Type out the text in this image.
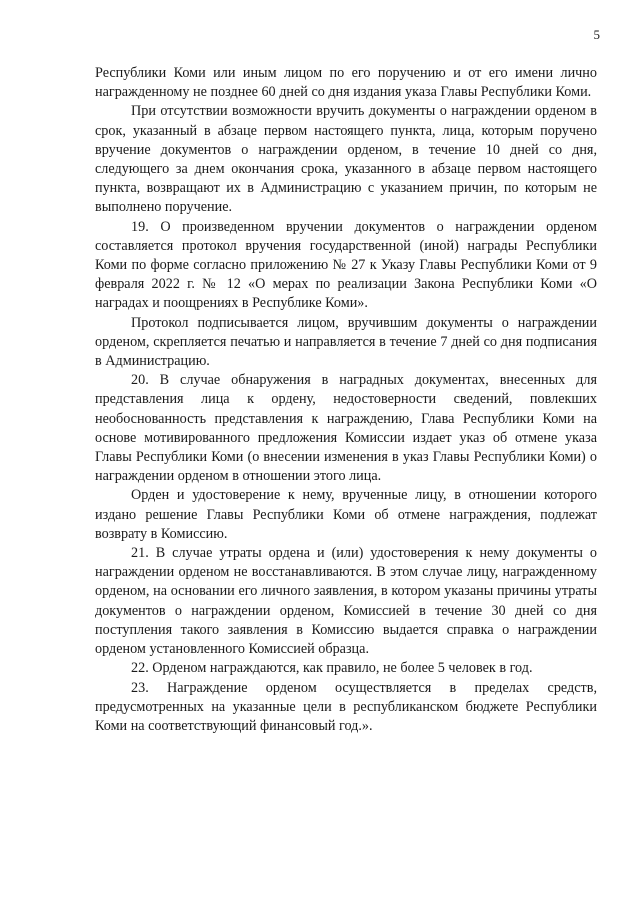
5

Республики Коми или иным лицом по его поручению и от его имени лично награжденному не позднее 60 дней со дня издания указа Главы Республики Коми.

При отсутствии возможности вручить документы о награждении орденом в срок, указанный в абзаце первом настоящего пункта, лица, которым поручено вручение документов о награждении орденом, в течение 10 дней со дня, следующего за днем окончания срока, указанного в абзаце первом настоящего пункта, возвращают их в Администрацию с указанием причин, по которым не выполнено поручение.

19. О произведенном вручении документов о награждении орденом составляется протокол вручения государственной (иной) награды Республики Коми по форме согласно приложению № 27 к Указу Главы Республики Коми от 9 февраля 2022 г. № 12 «О мерах по реализации Закона Республики Коми «О наградах и поощрениях в Республике Коми».

Протокол подписывается лицом, вручившим документы о награждении орденом, скрепляется печатью и направляется в течение 7 дней со дня подписания в Администрацию.

20. В случае обнаружения в наградных документах, внесенных для представления лица к ордену, недостоверности сведений, повлекших необоснованность представления к награждению, Глава Республики Коми на основе мотивированного предложения Комиссии издает указ об отмене указа Главы Республики Коми (о внесении изменения в указ Главы Республики Коми) о награждении орденом в отношении этого лица.

Орден и удостоверение к нему, врученные лицу, в отношении которого издано решение Главы Республики Коми об отмене награждения, подлежат возврату в Комиссию.

21. В случае утраты ордена и (или) удостоверения к нему документы о награждении орденом не восстанавливаются. В этом случае лицу, награжденному орденом, на основании его личного заявления, в котором указаны причины утраты документов о награждении орденом, Комиссией в течение 30 дней со дня поступления такого заявления в Комиссию выдается справка о награждении орденом установленного Комиссией образца.

22. Орденом награждаются, как правило, не более 5 человек в год.

23. Награждение орденом осуществляется в пределах средств, предусмотренных на указанные цели в республиканском бюджете Республики Коми на соответствующий финансовый год.».
